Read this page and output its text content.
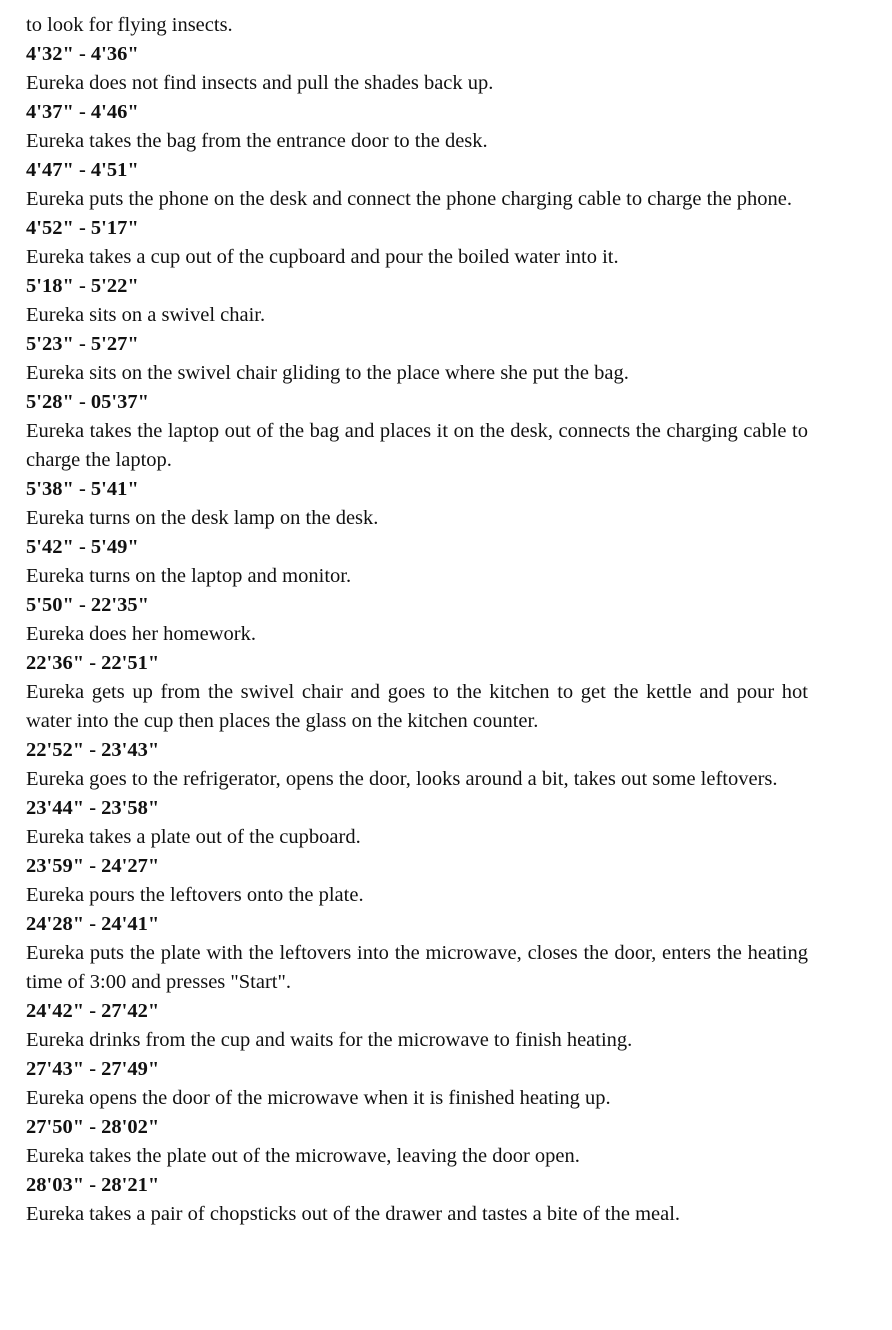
to look for flying insects.

4'32" - 4'36"

Eureka does not find insects and pull the shades back up.

4'37" - 4'46"

Eureka takes the bag from the entrance door to the desk.

4'47" - 4'51"

Eureka puts the phone on the desk and connect the phone charging cable to charge the phone.

4'52" - 5'17"

Eureka takes a cup out of the cupboard and pour the boiled water into it.

5'18" - 5'22"

Eureka sits on a swivel chair.

5'23" - 5'27"

Eureka sits on the swivel chair gliding to the place where she put the bag.

5'28" - 05'37"

Eureka takes the laptop out of the bag and places it on the desk, connects the charging cable to charge the laptop.

5'38" - 5'41"

Eureka turns on the desk lamp on the desk.

5'42" - 5'49"

Eureka turns on the laptop and monitor.

5'50" - 22'35"

Eureka does her homework.

22'36" - 22'51"

Eureka gets up from the swivel chair and goes to the kitchen to get the kettle and pour hot water into the cup then places the glass on the kitchen counter.

22'52" - 23'43"

Eureka goes to the refrigerator, opens the door, looks around a bit, takes out some leftovers.

23'44" - 23'58"

Eureka takes a plate out of the cupboard.

23'59" - 24'27"

Eureka pours the leftovers onto the plate.

24'28" - 24'41"

Eureka puts the plate with the leftovers into the microwave, closes the door, enters the heating time of 3:00 and presses "Start".

24'42" - 27'42"

Eureka drinks from the cup and waits for the microwave to finish heating.

27'43" - 27'49"

Eureka opens the door of the microwave when it is finished heating up.

27'50" - 28'02"

Eureka takes the plate out of the microwave, leaving the door open.

28'03" - 28'21"

Eureka takes a pair of chopsticks out of the drawer and tastes a bite of the meal.
